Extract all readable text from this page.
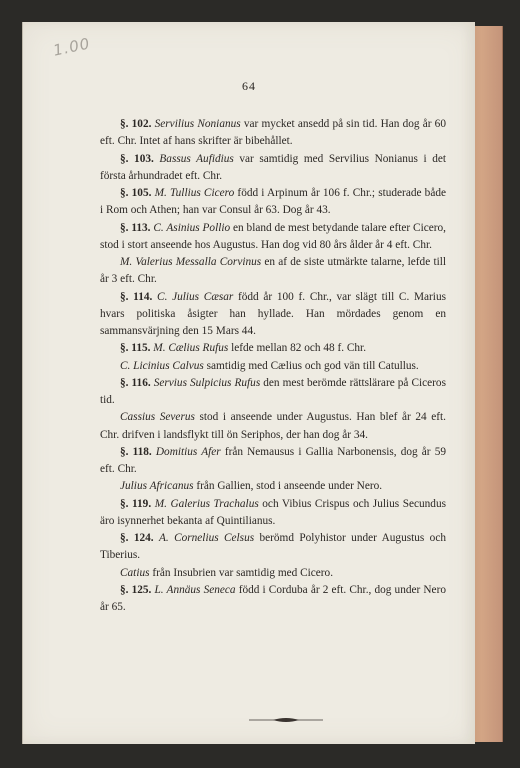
1.00
64

§. 102. Servilius Nonianus var mycket ansedd på sin tid. Han dog år 60 eft. Chr. Intet af hans skrifter är bibehållet.

§. 103. Bassus Aufidius var samtidig med Servilius Nonianus i det första århundradet eft. Chr.

§. 105. M. Tullius Cicero född i Arpinum år 106 f. Chr.; studerade både i Rom och Athen; han var Consul år 63. Dog år 43.

§. 113. C. Asinius Pollio en bland de mest betydande talare efter Cicero, stod i stort anseende hos Augustus. Han dog vid 80 års ålder år 4 eft. Chr.

M. Valerius Messalla Corvinus en af de siste utmärkte talarne, lefde till år 3 eft. Chr.

§. 114. C. Julius Cæsar född år 100 f. Chr., var slägt till C. Marius hvars politiska åsigter han hyllade. Han mördades genom en sammansvärjning den 15 Mars 44.

§. 115. M. Cælius Rufus lefde mellan 82 och 48 f. Chr.

C. Licinius Calvus samtidig med Cælius och god vän till Catullus.

§. 116. Servius Sulpicius Rufus den mest berömde rättslärare på Ciceros tid.

Cassius Severus stod i anseende under Augustus. Han blef år 24 eft. Chr. drifven i landsflykt till ön Seriphos, der han dog år 34.

§. 118. Domitius Afer från Nemausus i Gallia Narbonensis, dog år 59 eft. Chr.

Julius Africanus från Gallien, stod i anseende under Nero.

§. 119. M. Galerius Trachalus och Vibius Crispus och Julius Secundus äro isynnerhet bekanta af Quintilianus.

§. 124. A. Cornelius Celsus berömd Polyhistor under Augustus och Tiberius.

Catius från Insubrien var samtidig med Cicero.

§. 125. L. Annäus Seneca född i Corduba år 2 eft. Chr., dog under Nero år 65.
